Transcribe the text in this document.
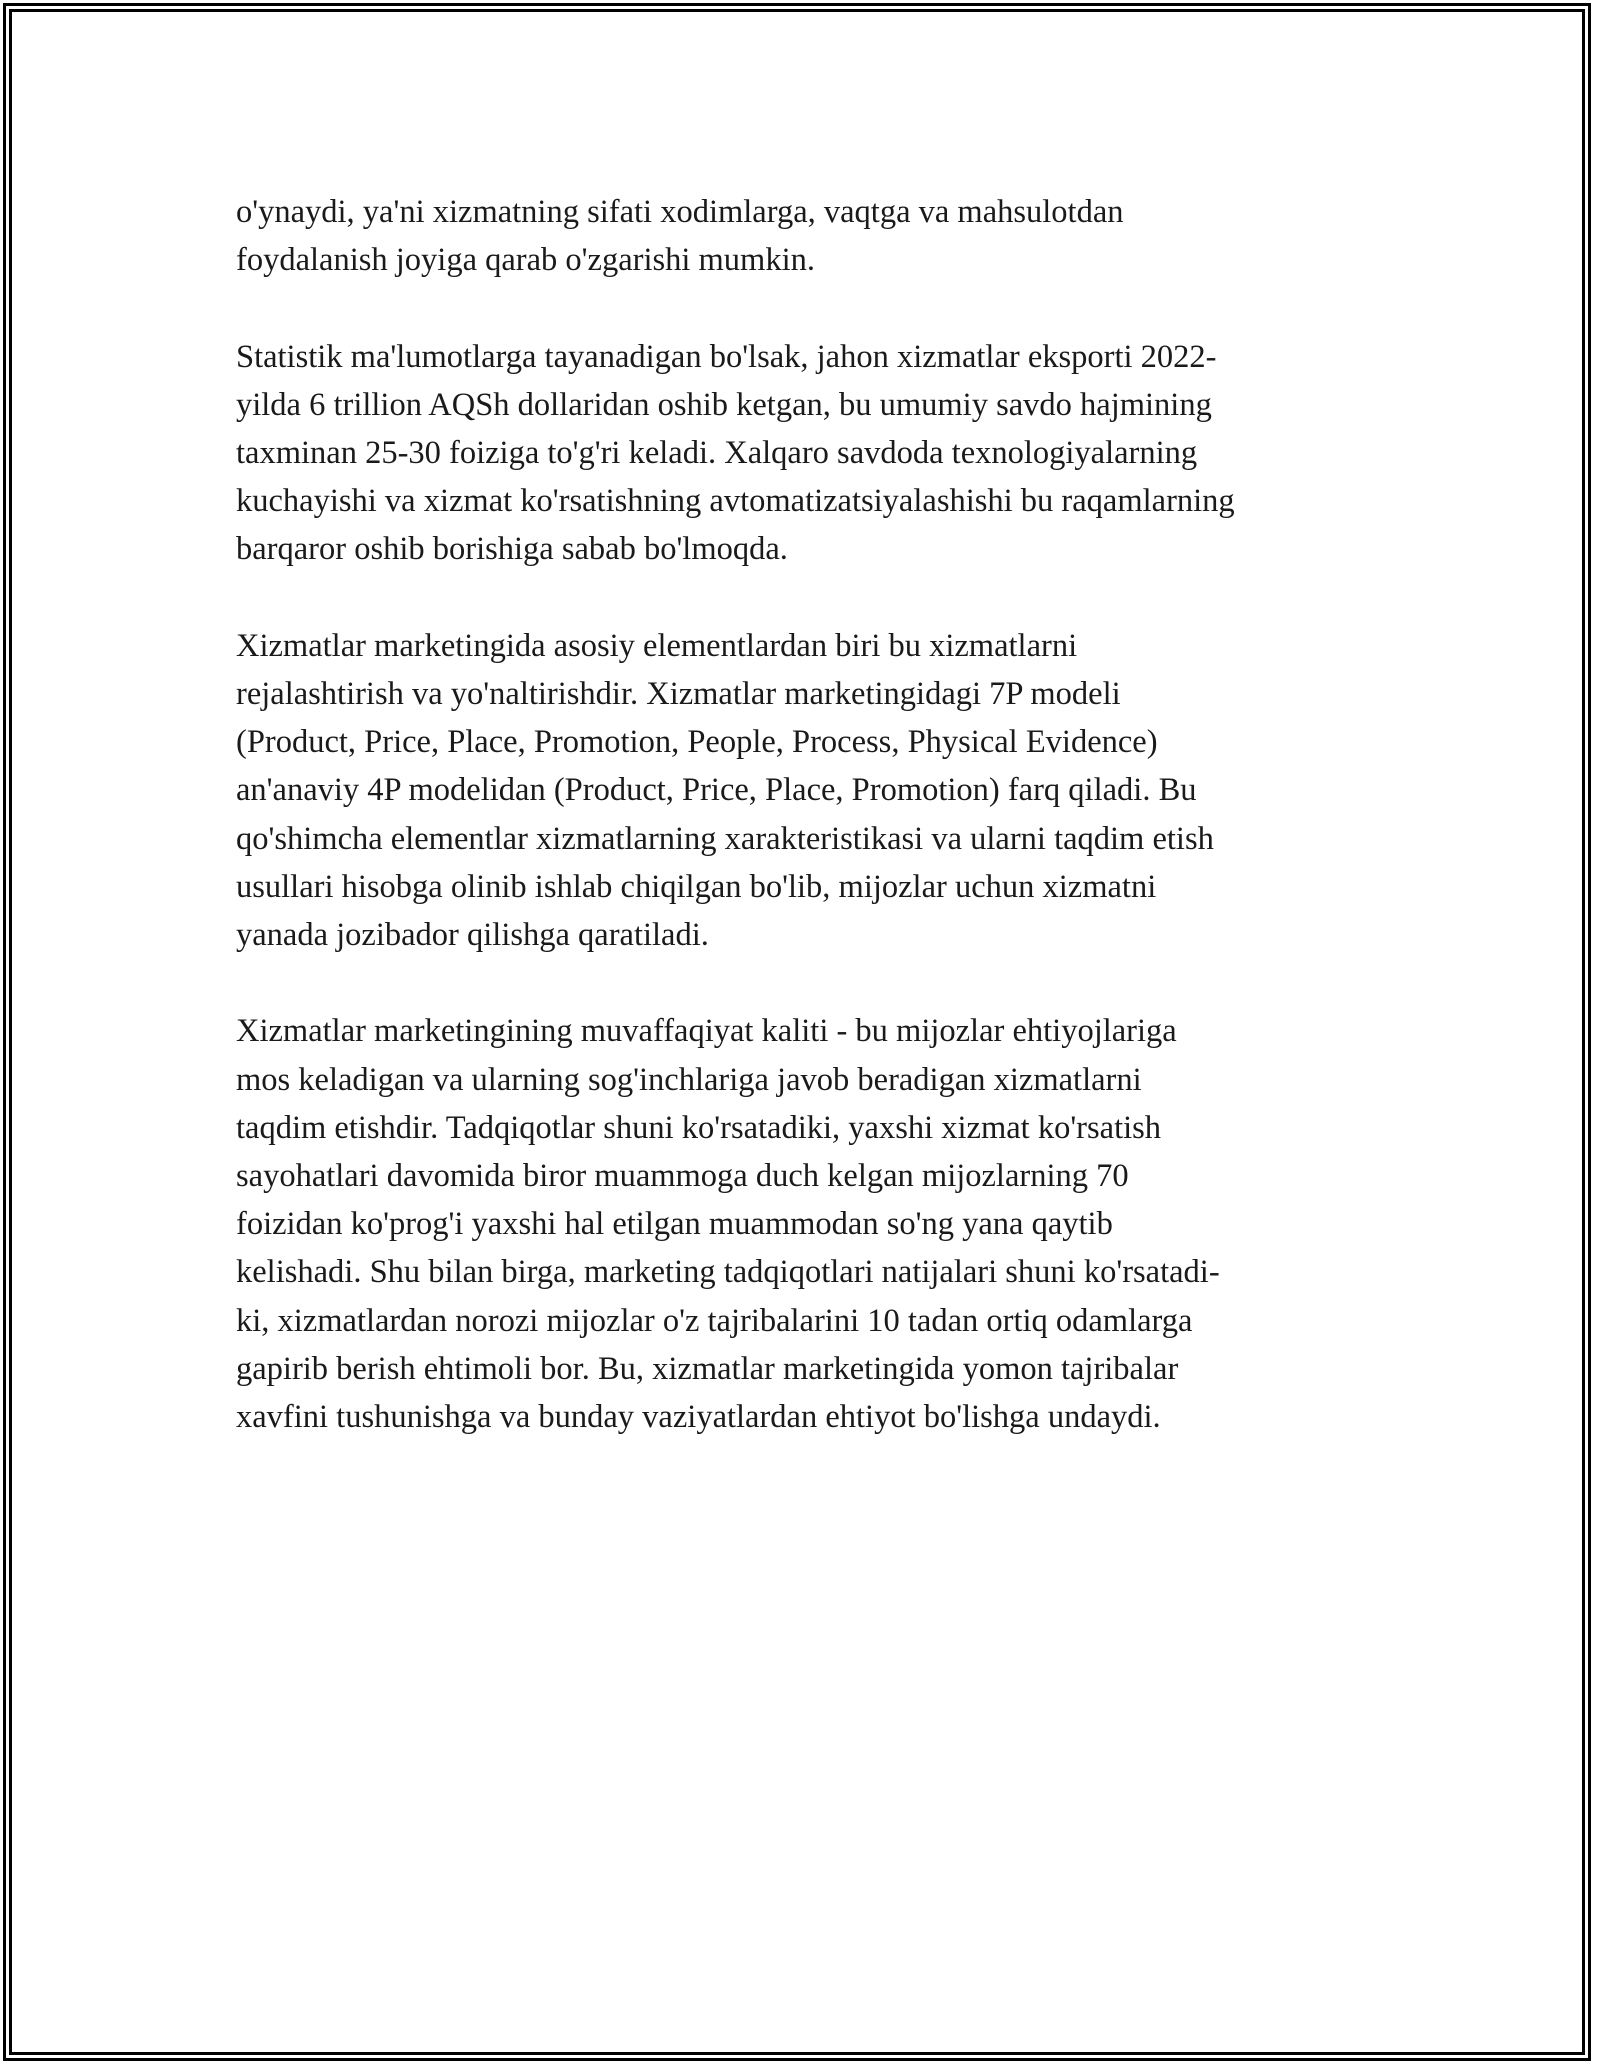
o'ynaydi, ya'ni xizmatning sifati xodimlarga, vaqtga va mahsulotdan
foydalanish joyiga qarab o'zgarishi mumkin.

Statistik ma'lumotlarga tayanadigan bo'lsak, jahon xizmatlar eksporti 2022-
yilda 6 trillion AQSh dollaridan oshib ketgan, bu umumiy savdo hajmining
taxminan 25-30 foiziga to'g'ri keladi. Xalqaro savdoda texnologiyalarning
kuchayishi va xizmat ko'rsatishning avtomatizatsiyalashishi bu raqamlarning
barqaror oshib borishiga sabab bo'lmoqda.

Xizmatlar marketingida asosiy elementlardan biri bu xizmatlarni
rejalashtirish va yo'naltirishdir. Xizmatlar marketingidagi 7P modeli
(Product, Price, Place, Promotion, People, Process, Physical Evidence)
an'anaviy 4P modelidan (Product, Price, Place, Promotion) farq qiladi. Bu
qo'shimcha elementlar xizmatlarning xarakteristikasi va ularni taqdim etish
usullari hisobga olinib ishlab chiqilgan bo'lib, mijozlar uchun xizmatni
yanada jozibador qilishga qaratiladi.

Xizmatlar marketingining muvaffaqiyat kaliti - bu mijozlar ehtiyojlariga
mos keladigan va ularning sog'inchlariga javob beradigan xizmatlarni
taqdim etishdir. Tadqiqotlar shuni ko'rsatadiki, yaxshi xizmat ko'rsatish
sayohatlari davomida biror muammoga duch kelgan mijozlarning 70
foizidan ko'prog'i yaxshi hal etilgan muammodan so'ng yana qaytib
kelishadi. Shu bilan birga, marketing tadqiqotlari natijalari shuni ko'rsatadi-
ki, xizmatlardan norozi mijozlar o'z tajribalarini 10 tadan ortiq odamlarga
gapirib berish ehtimoli bor. Bu, xizmatlar marketingida yomon tajribalar
xavfini tushunishga va bunday vaziyatlardan ehtiyot bo'lishga undaydi.
